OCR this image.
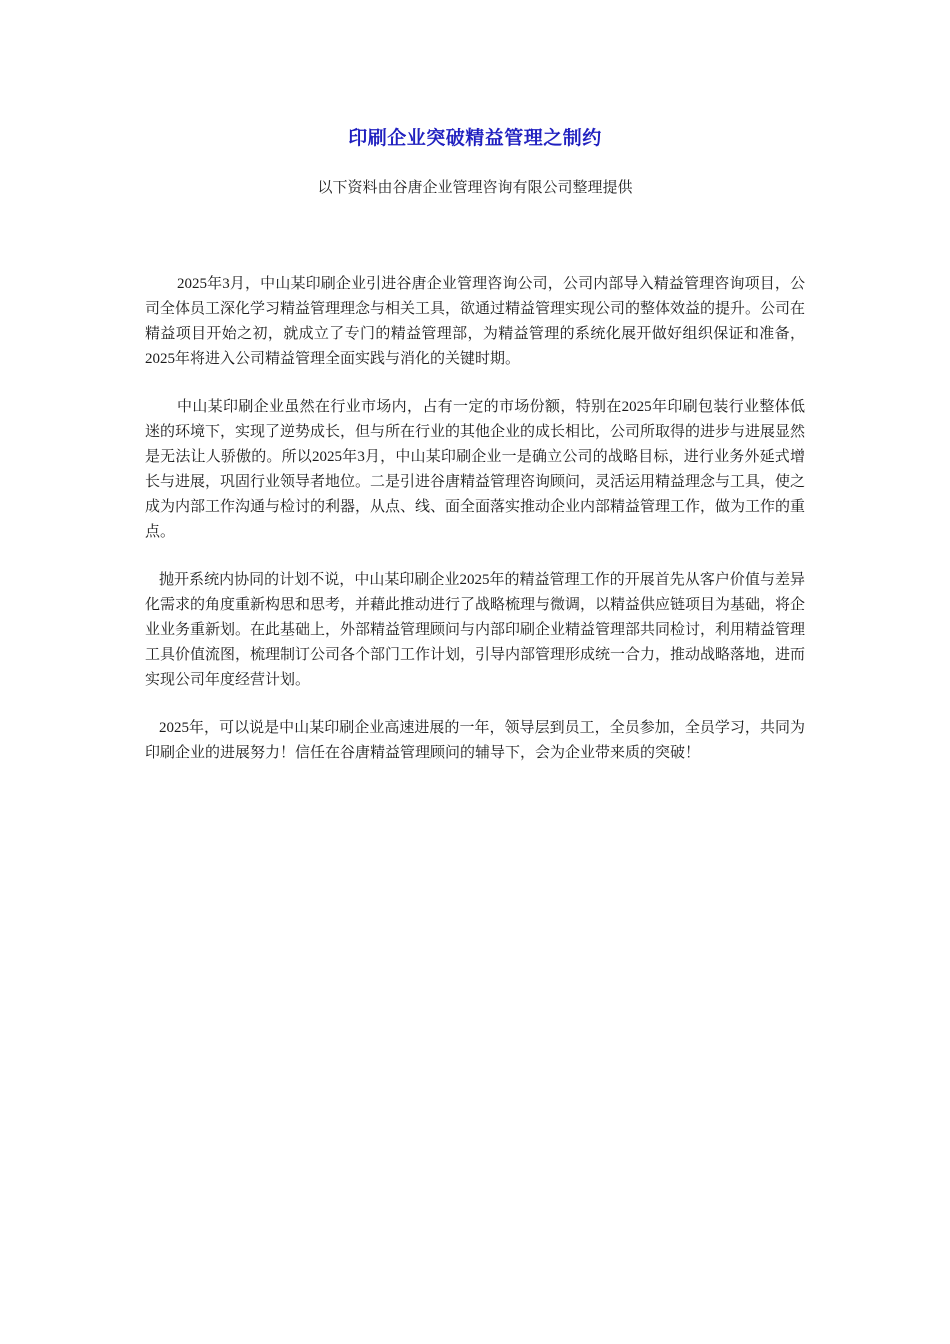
印刷企业突破精益管理之制约
以下资料由谷唐企业管理咨询有限公司整理提供

2025年3月，中山某印刷企业引进谷唐企业管理咨询公司，公司内部导入精益管理咨询项目，公司全体员工深化学习精益管理理念与相关工具，欲通过精益管理实现公司的整体效益的提升。公司在精益项目开始之初，就成立了专门的精益管理部，为精益管理的系统化展开做好组织保证和准备，2025年将进入公司精益管理全面实践与消化的关键时期。

中山某印刷企业虽然在行业市场内，占有一定的市场份额，特别在2025年印刷包装行业整体低迷的环境下，实现了逆势成长，但与所在行业的其他企业的成长相比，公司所取得的进步与进展显然是无法让人骄傲的。所以2025年3月，中山某印刷企业一是确立公司的战略目标，进行业务外延式增长与进展，巩固行业领导者地位。二是引进谷唐精益管理咨询顾问，灵活运用精益理念与工具，使之成为内部工作沟通与检讨的利器，从点、线、面全面落实推动企业内部精益管理工作，做为工作的重点。

抛开系统内协同的计划不说，中山某印刷企业2025年的精益管理工作的开展首先从客户价值与差异化需求的角度重新构思和思考，并藉此推动进行了战略梳理与微调，以精益供应链项目为基础，将企业业务重新划。在此基础上，外部精益管理顾问与内部印刷企业精益管理部共同检讨，利用精益管理工具价值流图，梳理制订公司各个部门工作计划，引导内部管理形成统一合力，推动战略落地，进而实现公司年度经营计划。

2025年，可以说是中山某印刷企业高速进展的一年，领导层到员工，全员参加，全员学习，共同为印刷企业的进展努力！信任在谷唐精益管理顾问的辅导下，会为企业带来质的突破！
